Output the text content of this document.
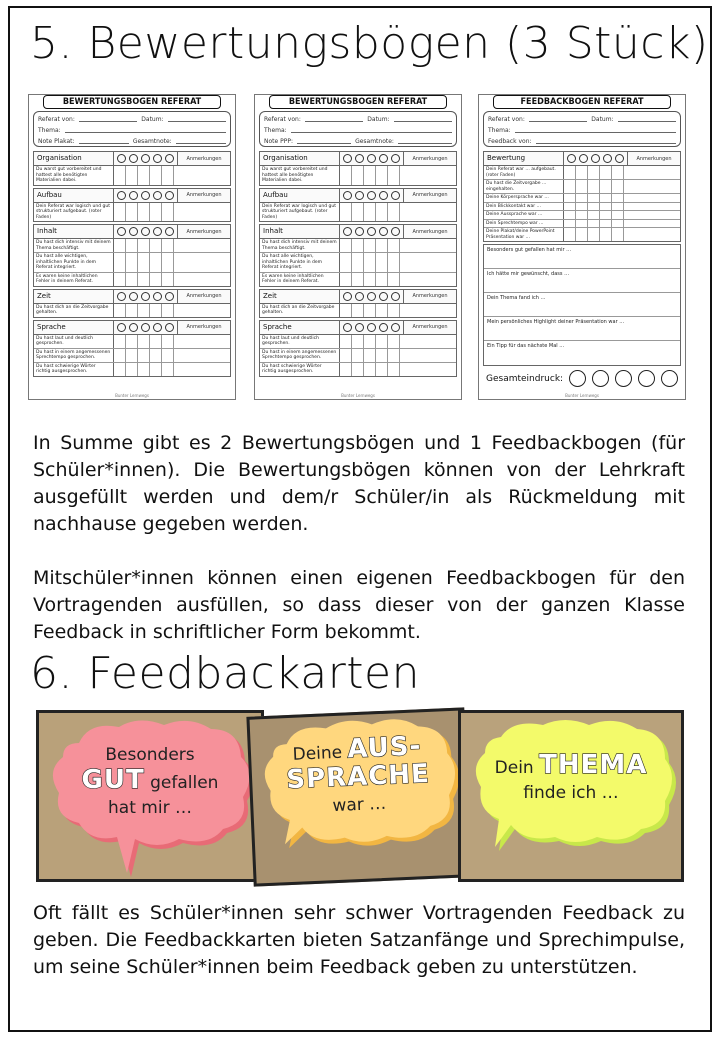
5. Bewertungsbögen (3 Stück)
BEWERTUNGSBOGEN REFERAT
Referat von:	Datum:
Thema:
Note Plakat:	Gesamtnote:
Organisation	Anmerkungen
Du warst gut vorbereitet und hattest alle benötigten Materialien dabei.
Aufbau	Anmerkungen
Dein Referat war logisch und gut strukturiert aufgebaut. (roter Faden)
Inhalt	Anmerkungen
Du hast dich intensiv mit deinem Thema beschäftigt.
Du hast alle wichtigen, inhaltlichen Punkte in dem Referat integriert.
Es waren keine inhaltlichen Fehler in deinem Referat.
Zeit	Anmerkungen
Du hast dich an die Zeitvorgabe gehalten.
Sprache	Anmerkungen
Du hast laut und deutlich gesprochen.
Du hast in einem angemessenen Sprechtempo gesprochen.
Du hast schwierige Wörter richtig ausgesprochen.
Bunter Lernwegs
BEWERTUNGSBOGEN REFERAT
Referat von:	Datum:
Thema:
Note PPP:	Gesamtnote:
Organisation	Anmerkungen
Du warst gut vorbereitet und hattest alle benötigten Materialien dabei.
Aufbau	Anmerkungen
Dein Referat war logisch und gut strukturiert aufgebaut. (roter Faden)
Inhalt	Anmerkungen
Du hast dich intensiv mit deinem Thema beschäftigt.
Du hast alle wichtigen, inhaltlichen Punkte in dem Referat integriert.
Es waren keine inhaltlichen Fehler in deinem Referat.
Zeit	Anmerkungen
Du hast dich an die Zeitvorgabe gehalten.
Sprache	Anmerkungen
Du hast laut und deutlich gesprochen.
Du hast in einem angemessenen Sprechtempo gesprochen.
Du hast schwierige Wörter richtig ausgesprochen.
Bunter Lernwegs
FEEDBACKBOGEN REFERAT
Referat von:	Datum:
Thema:
Feedback von:
Bewertung	Anmerkungen
Dein Referat war … aufgebaut. (roter Faden)
Du hast die Zeitvorgabe … eingehalten.
Deine Körpersprache war …
Dein Blickkontakt war …
Deine Aussprache war …
Dein Sprechtempo war …
Deine Plakat/deine PowerPoint Präsentation war …
Besonders gut gefallen hat mir …
Ich hätte mir gewünscht, dass …
Dein Thema fand ich …
Mein persönliches Highlight deiner Präsentation war …
Ein Tipp für das nächste Mal …
Gesamteindruck:
Bunter Lernwegs

In Summe gibt es 2 Bewertungsbögen und 1 Feedbackbogen (für Schüler*innen). Die Bewertungsbögen können von der Lehrkraft ausgefüllt werden und dem/r Schüler/in als Rückmeldung mit nachhause gegeben werden.

Mitschüler*innen können einen eigenen Feedbackbogen für den Vortragenden ausfüllen, so dass dieser von der ganzen Klasse Feedback in schriftlicher Form bekommt.

6. Feedbackarten
Besonders
GUT gefallen
hat mir …
Deine AUS-
SPRACHE
war …
Dein THEMA
finde ich …

Oft fällt es Schüler*innen sehr schwer Vortragenden Feedback zu geben. Die Feedbackkarten bieten Satzanfänge und Sprechimpulse, um seine Schüler*innen beim Feedback geben zu unterstützen.
